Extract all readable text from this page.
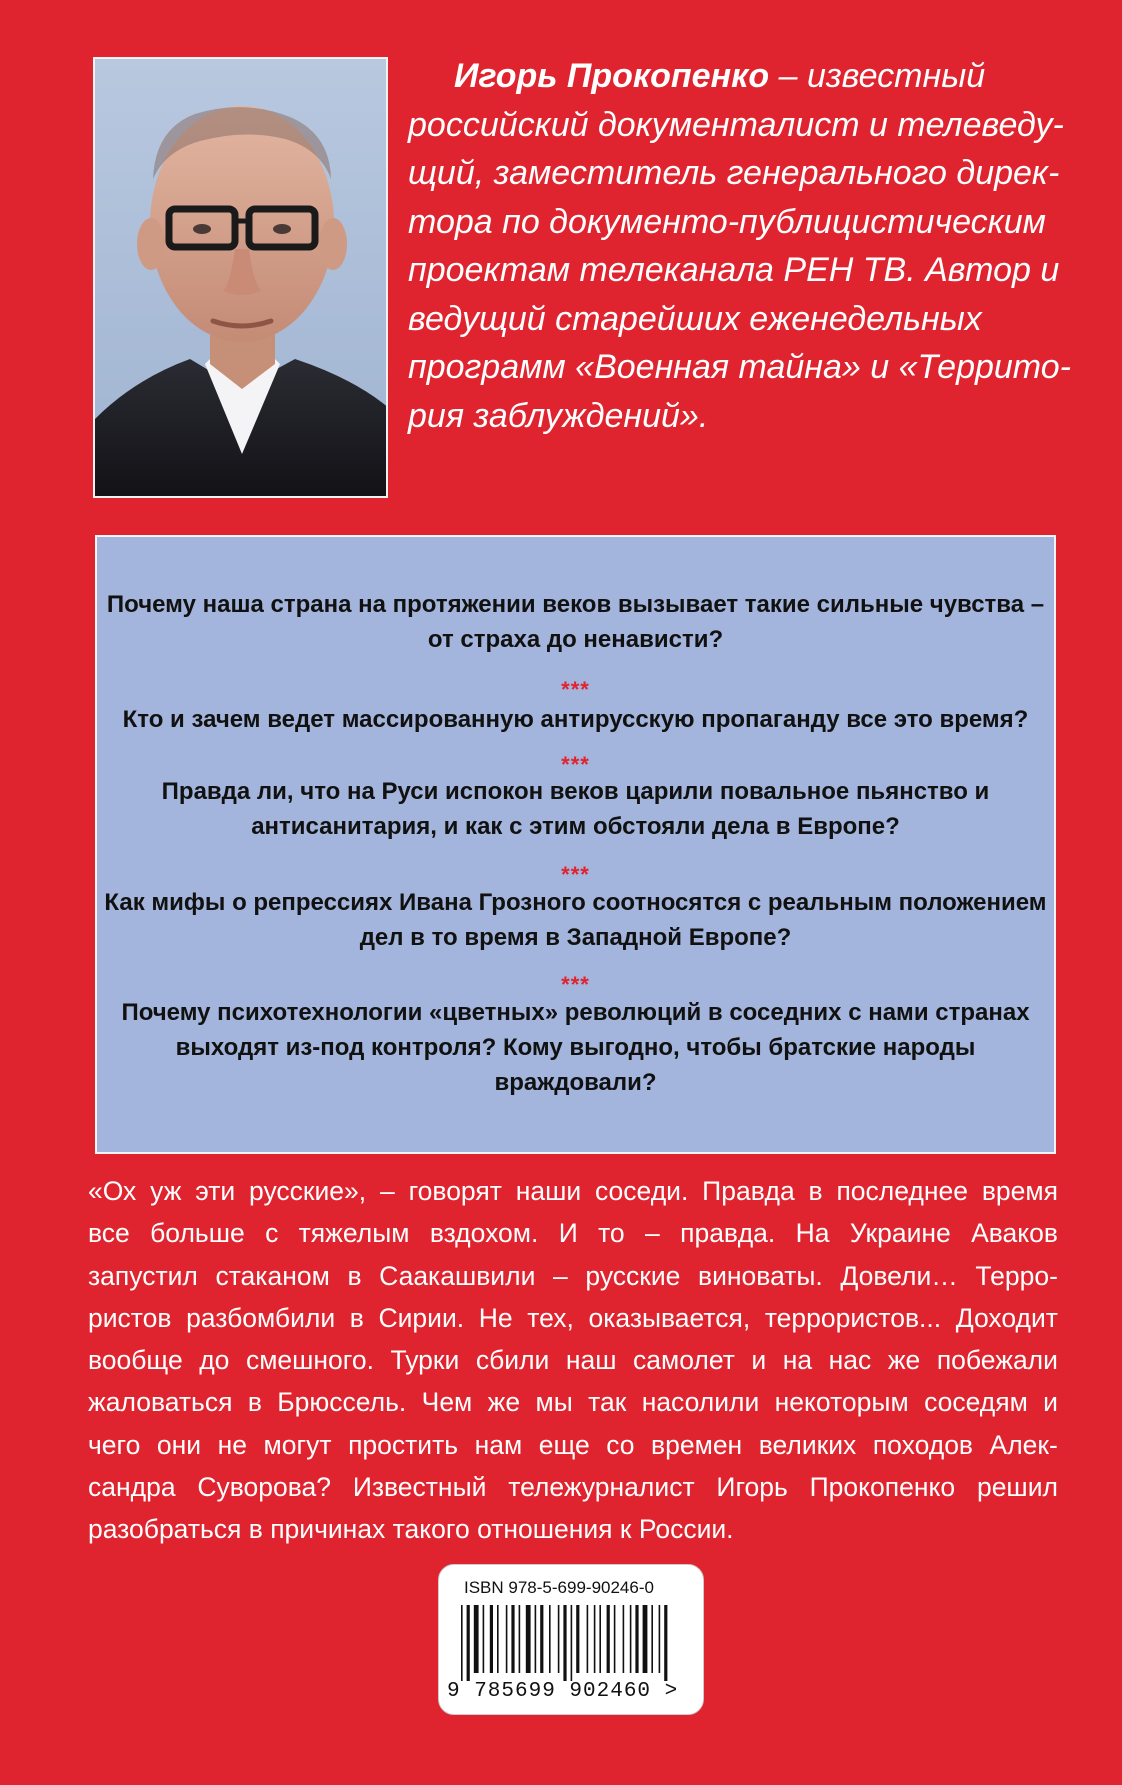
Игорь Прокопенко – известный
российский документалист и телеведу-
щий, заместитель генерального дирек-
тора по документо-публицистическим
проектам телеканала РЕН ТВ. Автор и
ведущий старейших еженедельных
программ «Военная тайна» и «Террито-
рия заблуждений».

Почему наша страна на протяжении веков вызывает такие сильные чувства –
от страха до ненависти?
***
Кто и зачем ведет массированную антирусскую пропаганду все это время?
***
Правда ли, что на Руси испокон веков царили повальное пьянство и
антисанитария, и как с этим обстояли дела в Европе?
***
Как мифы о репрессиях Ивана Грозного соотносятся с реальным положением
дел в то время в Западной Европе?
***
Почему психотехнологии «цветных» революций в соседних с нами странах
выходят из-под контроля? Кому выгодно, чтобы братские народы
враждовали?
«Ох уж эти русские», – говорят наши соседи. Правда в последнее время
все больше с тяжелым вздохом. И то – правда. На Украине Аваков
запустил стаканом в Саакашвили – русские виноваты. Довели… Терро-
ристов разбомбили в Сирии. Не тех, оказывается, террористов... Доходит
вообще до смешного. Турки сбили наш самолет и на нас же побежали
жаловаться в Брюссель. Чем же мы так насолили некоторым соседям и
чего они не могут простить нам еще со времен великих походов Алек-
сандра Суворова? Известный тележурналист Игорь Прокопенко решил
разобраться в причинах такого отношения к России.
ISBN 978-5-699-90246-0
9 785699 902460 >
